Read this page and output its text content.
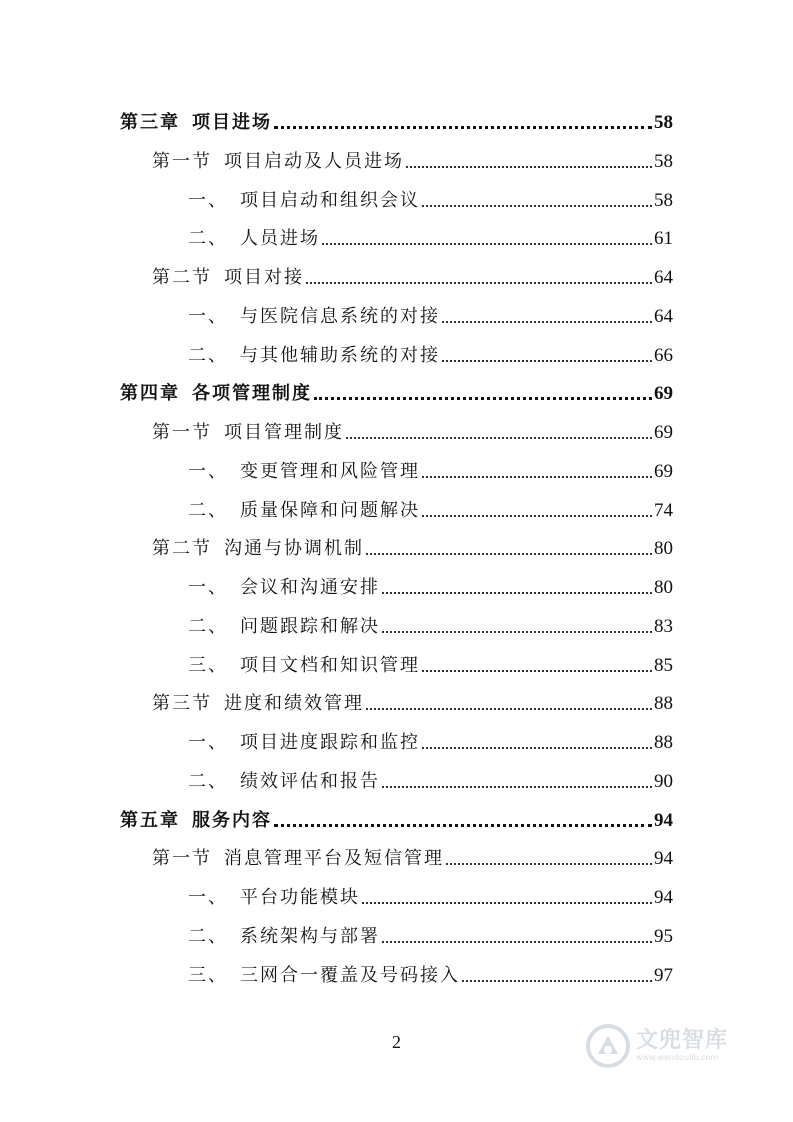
第三章 项目进场	58
第一节 项目启动及人员进场	58
一、 项目启动和组织会议	58
二、 人员进场	61
第二节 项目对接	64
一、 与医院信息系统的对接	64
二、 与其他辅助系统的对接	66
第四章 各项管理制度	69
第一节 项目管理制度	69
一、 变更管理和风险管理	69
二、 质量保障和问题解决	74
第二节 沟通与协调机制	80
一、 会议和沟通安排	80
二、 问题跟踪和解决	83
三、 项目文档和知识管理	85
第三节 进度和绩效管理	88
一、 项目进度跟踪和监控	88
二、 绩效评估和报告	90
第五章 服务内容	94
第一节 消息管理平台及短信管理	94
一、 平台功能模块	94
二、 系统架构与部署	95
三、 三网合一覆盖及号码接入	97
2	文兜智库
www.wendoulib.com
